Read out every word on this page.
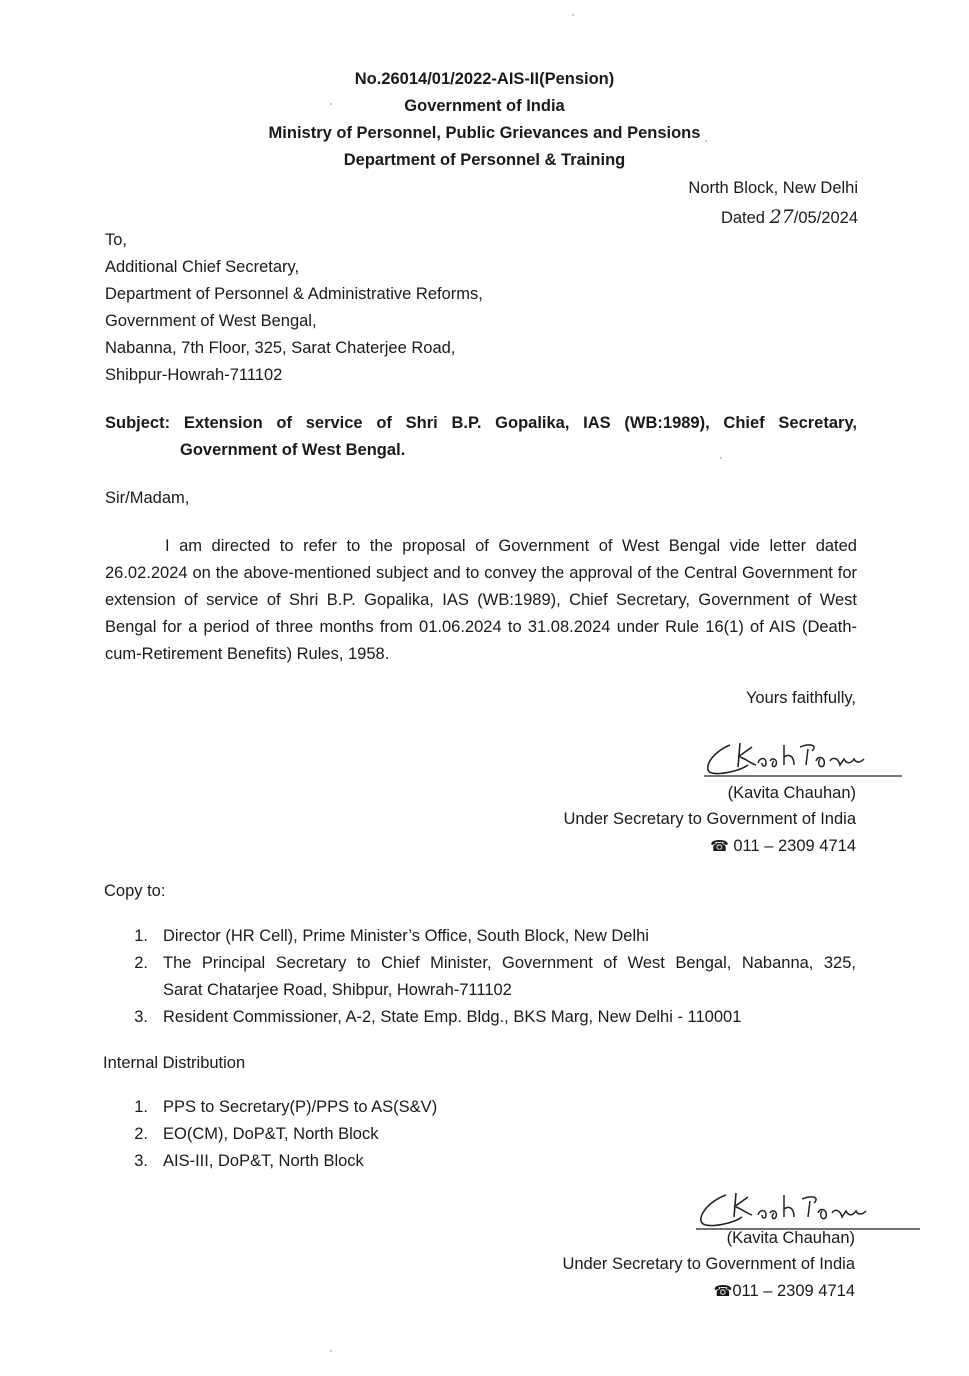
No.26014/01/2022-AIS-II(Pension)
Government of India
Ministry of Personnel, Public Grievances and Pensions
Department of Personnel & Training
North Block, New Delhi
Dated 27/05/2024
To,
Additional Chief Secretary,
Department of Personnel & Administrative Reforms,
Government of West Bengal,
Nabanna, 7th Floor, 325, Sarat Chaterjee Road,
Shibpur-Howrah-711102
Subject: Extension of service of Shri B.P. Gopalika, IAS (WB:1989), Chief Secretary,
Government of West Bengal.
Sir/Madam,
I am directed to refer to the proposal of Government of West Bengal vide letter dated 26.02.2024 on the above-mentioned subject and to convey the approval of the Central Government for extension of service of Shri B.P. Gopalika, IAS (WB:1989), Chief Secretary, Government of West Bengal for a period of three months from 01.06.2024 to 31.08.2024 under Rule 16(1) of AIS (Death-cum-Retirement Benefits) Rules, 1958.
Yours faithfully,
(Kavita Chauhan)
Under Secretary to Government of India
☎ 011 – 2309 4714
Copy to:
1. Director (HR Cell), Prime Minister’s Office, South Block, New Delhi
2. The Principal Secretary to Chief Minister, Government of West Bengal, Nabanna, 325,
Sarat Chatarjee Road, Shibpur, Howrah-711102
3. Resident Commissioner, A-2, State Emp. Bldg., BKS Marg, New Delhi - 110001
Internal Distribution
1. PPS to Secretary(P)/PPS to AS(S&V)
2. EO(CM), DoP&T, North Block
3. AIS-III, DoP&T, North Block
(Kavita Chauhan)
Under Secretary to Government of India
☎011 – 2309 4714
